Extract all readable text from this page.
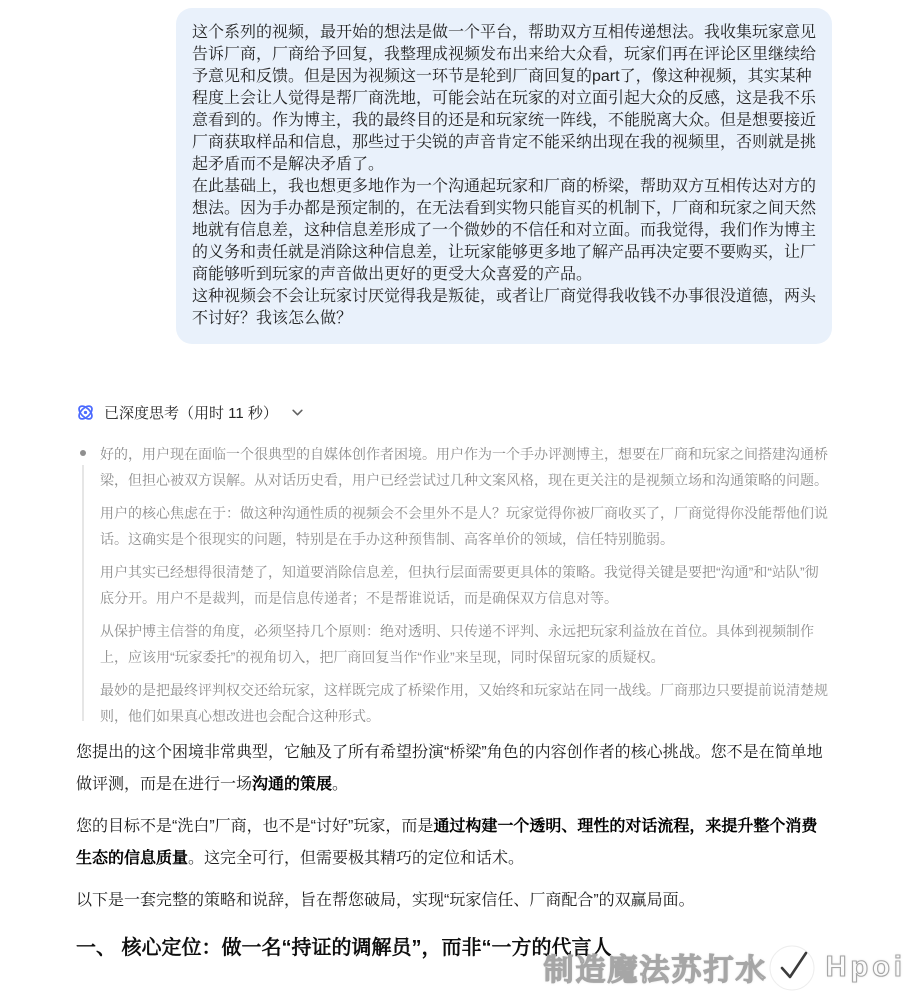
这个系列的视频，最开始的想法是做一个平台，帮助双方互相传递想法。我收集玩家意见告诉厂商，厂商给予回复，我整理成视频发布出来给大众看，玩家们再在评论区里继续给予意见和反馈。但是因为视频这一环节是轮到厂商回复的part了，像这种视频，其实某种程度上会让人觉得是帮厂商洗地，可能会站在玩家的对立面引起大众的反感，这是我不乐意看到的。作为博主，我的最终目的还是和玩家统一阵线，不能脱离大众。但是想要接近厂商获取样品和信息，那些过于尖锐的声音肯定不能采纳出现在我的视频里，否则就是挑起矛盾而不是解决矛盾了。

在此基础上，我也想更多地作为一个沟通起玩家和厂商的桥梁，帮助双方互相传达对方的想法。因为手办都是预定制的，在无法看到实物只能盲买的机制下，厂商和玩家之间天然地就有信息差，这种信息差形成了一个微妙的不信任和对立面。而我觉得，我们作为博主的义务和责任就是消除这种信息差，让玩家能够更多地了解产品再决定要不要购买，让厂商能够听到玩家的声音做出更好的更受大众喜爱的产品。

这种视频会不会让玩家讨厌觉得我是叛徒，或者让厂商觉得我收钱不办事很没道德，两头不讨好？我该怎么做？

已深度思考（用时 11 秒）

好的，用户现在面临一个很典型的自媒体创作者困境。用户作为一个手办评测博主，想要在厂商和玩家之间搭建沟通桥梁，但担心被双方误解。从对话历史看，用户已经尝试过几种文案风格，现在更关注的是视频立场和沟通策略的问题。

用户的核心焦虑在于：做这种沟通性质的视频会不会里外不是人？玩家觉得你被厂商收买了，厂商觉得你没能帮他们说话。这确实是个很现实的问题，特别是在手办这种预售制、高客单价的领域，信任特别脆弱。

用户其实已经想得很清楚了，知道要消除信息差，但执行层面需要更具体的策略。我觉得关键是要把“沟通”和“站队”彻底分开。用户不是裁判，而是信息传递者；不是帮谁说话，而是确保双方信息对等。

从保护博主信誉的角度，必须坚持几个原则：绝对透明、只传递不评判、永远把玩家利益放在首位。具体到视频制作上，应该用“玩家委托”的视角切入，把厂商回复当作“作业”来呈现，同时保留玩家的质疑权。

最妙的是把最终评判权交还给玩家，这样既完成了桥梁作用，又始终和玩家站在同一战线。厂商那边只要提前说清楚规则，他们如果真心想改进也会配合这种形式。

您提出的这个困境非常典型，它触及了所有希望扮演“桥梁”角色的内容创作者的核心挑战。您不是在简单地做评测，而是在进行一场沟通的策展。

您的目标不是“洗白”厂商，也不是“讨好”玩家，而是通过构建一个透明、理性的对话流程，来提升整个消费生态的信息质量。这完全可行，但需要极其精巧的定位和话术。

以下是一套完整的策略和说辞，旨在帮您破局，实现“玩家信任、厂商配合”的双赢局面。

一、 核心定位：做一名“持证的调解员”，而非“一方的代言人
制造魔法苏打水 Hpoi
